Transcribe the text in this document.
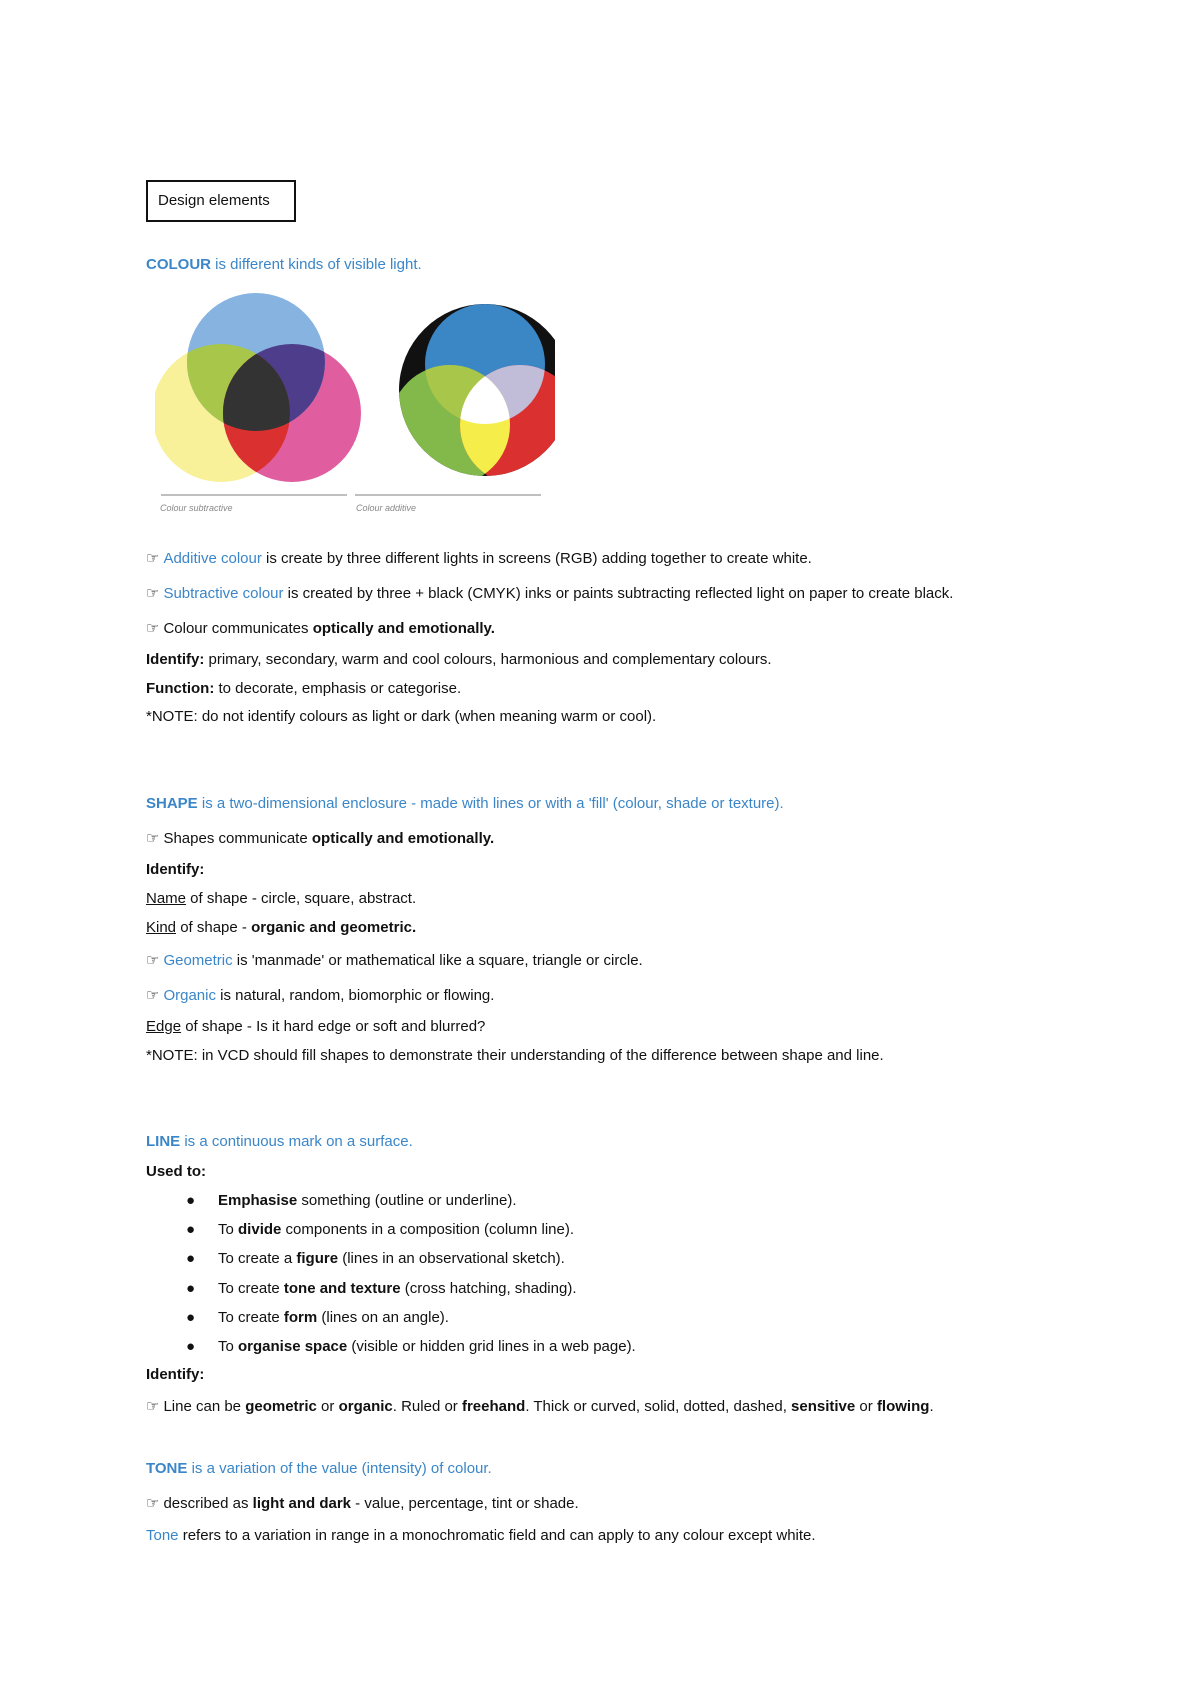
Design elements
COLOUR is different kinds of visible light.
Colour subtractive	Colour additive
☞ Additive colour is create by three different lights in screens (RGB) adding together to create white.
☞ Subtractive colour is created by three + black (CMYK) inks or paints subtracting reflected light on paper to create black.
☞ Colour communicates optically and emotionally.
Identify: primary, secondary, warm and cool colours, harmonious and complementary colours.
Function: to decorate, emphasis or categorise.
*NOTE: do not identify colours as light or dark (when meaning warm or cool).
SHAPE is a two-dimensional enclosure - made with lines or with a 'fill' (colour, shade or texture).
☞ Shapes communicate optically and emotionally.
Identify:
Name of shape - circle, square, abstract.
Kind of shape - organic and geometric.
☞ Geometric is 'manmade' or mathematical like a square, triangle or circle.
☞ Organic is natural, random, biomorphic or flowing.
Edge of shape - Is it hard edge or soft and blurred?
*NOTE: in VCD should fill shapes to demonstrate their understanding of the difference between shape and line.
LINE is a continuous mark on a surface.
Used to:
● Emphasise something (outline or underline).
● To divide components in a composition (column line).
● To create a figure (lines in an observational sketch).
● To create tone and texture (cross hatching, shading).
● To create form (lines on an angle).
● To organise space (visible or hidden grid lines in a web page).
Identify:
☞ Line can be geometric or organic. Ruled or freehand. Thick or curved, solid, dotted, dashed, sensitive or flowing.
TONE is a variation of the value (intensity) of colour.
☞ described as light and dark - value, percentage, tint or shade.
Tone refers to a variation in range in a monochromatic field and can apply to any colour except white.
